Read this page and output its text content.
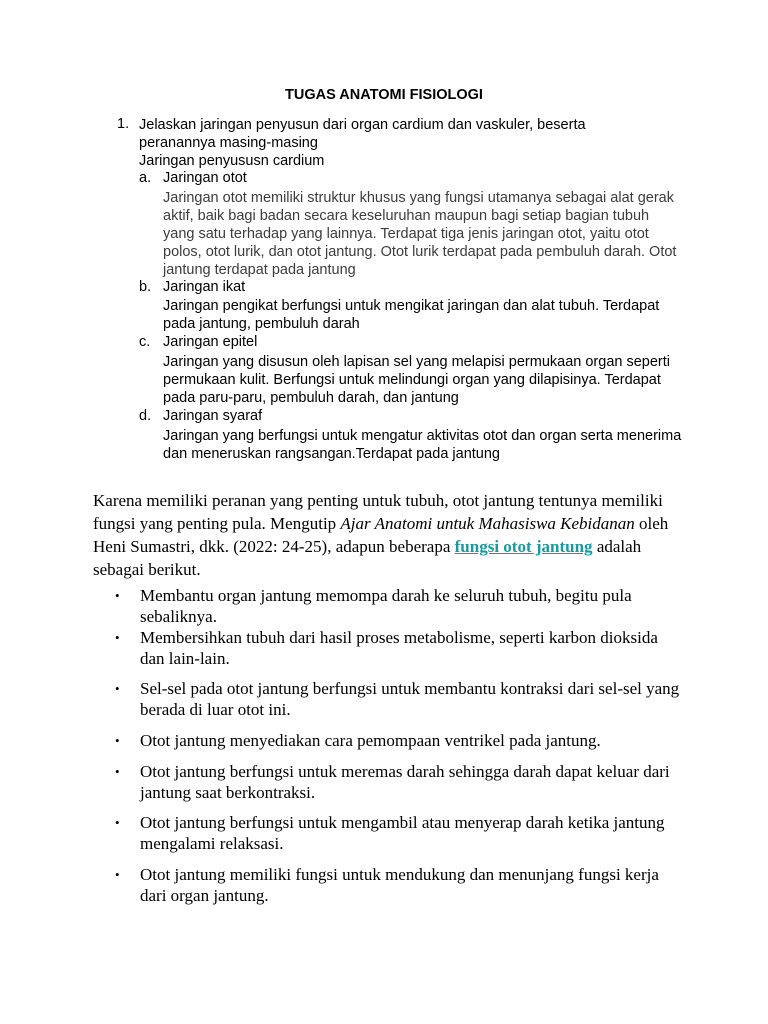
TUGAS ANATOMI FISIOLOGI
1. Jelaskan jaringan penyusun dari organ cardium dan vaskuler, beserta peranannya masing-masing
Jaringan penyususn cardium
a. Jaringan otot
Jaringan otot memiliki struktur khusus yang fungsi utamanya sebagai alat gerak aktif, baik bagi badan secara keseluruhan maupun bagi setiap bagian tubuh yang satu terhadap yang lainnya. Terdapat tiga jenis jaringan otot, yaitu otot polos, otot lurik, dan otot jantung. Otot lurik terdapat pada pembuluh darah. Otot jantung terdapat pada jantung
b. Jaringan ikat
Jaringan pengikat berfungsi untuk mengikat jaringan dan alat tubuh. Terdapat pada jantung, pembuluh darah
c. Jaringan epitel
Jaringan yang disusun oleh lapisan sel yang melapisi permukaan organ seperti permukaan kulit. Berfungsi untuk melindungi organ yang dilapisinya. Terdapat pada paru-paru, pembuluh darah, dan jantung
d. Jaringan syaraf
Jaringan yang berfungsi untuk mengatur aktivitas otot dan organ serta menerima dan meneruskan rangsangan.Terdapat pada jantung
Karena memiliki peranan yang penting untuk tubuh, otot jantung tentunya memiliki fungsi yang penting pula. Mengutip Ajar Anatomi untuk Mahasiswa Kebidanan oleh Heni Sumastri, dkk. (2022: 24-25), adapun beberapa fungsi otot jantung adalah sebagai berikut.
• Membantu organ jantung memompa darah ke seluruh tubuh, begitu pula sebaliknya.
• Membersihkan tubuh dari hasil proses metabolisme, seperti karbon dioksida dan lain-lain.
• Sel-sel pada otot jantung berfungsi untuk membantu kontraksi dari sel-sel yang berada di luar otot ini.
• Otot jantung menyediakan cara pemompaan ventrikel pada jantung.
• Otot jantung berfungsi untuk meremas darah sehingga darah dapat keluar dari jantung saat berkontraksi.
• Otot jantung berfungsi untuk mengambil atau menyerap darah ketika jantung mengalami relaksasi.
• Otot jantung memiliki fungsi untuk mendukung dan menunjang fungsi kerja dari organ jantung.
